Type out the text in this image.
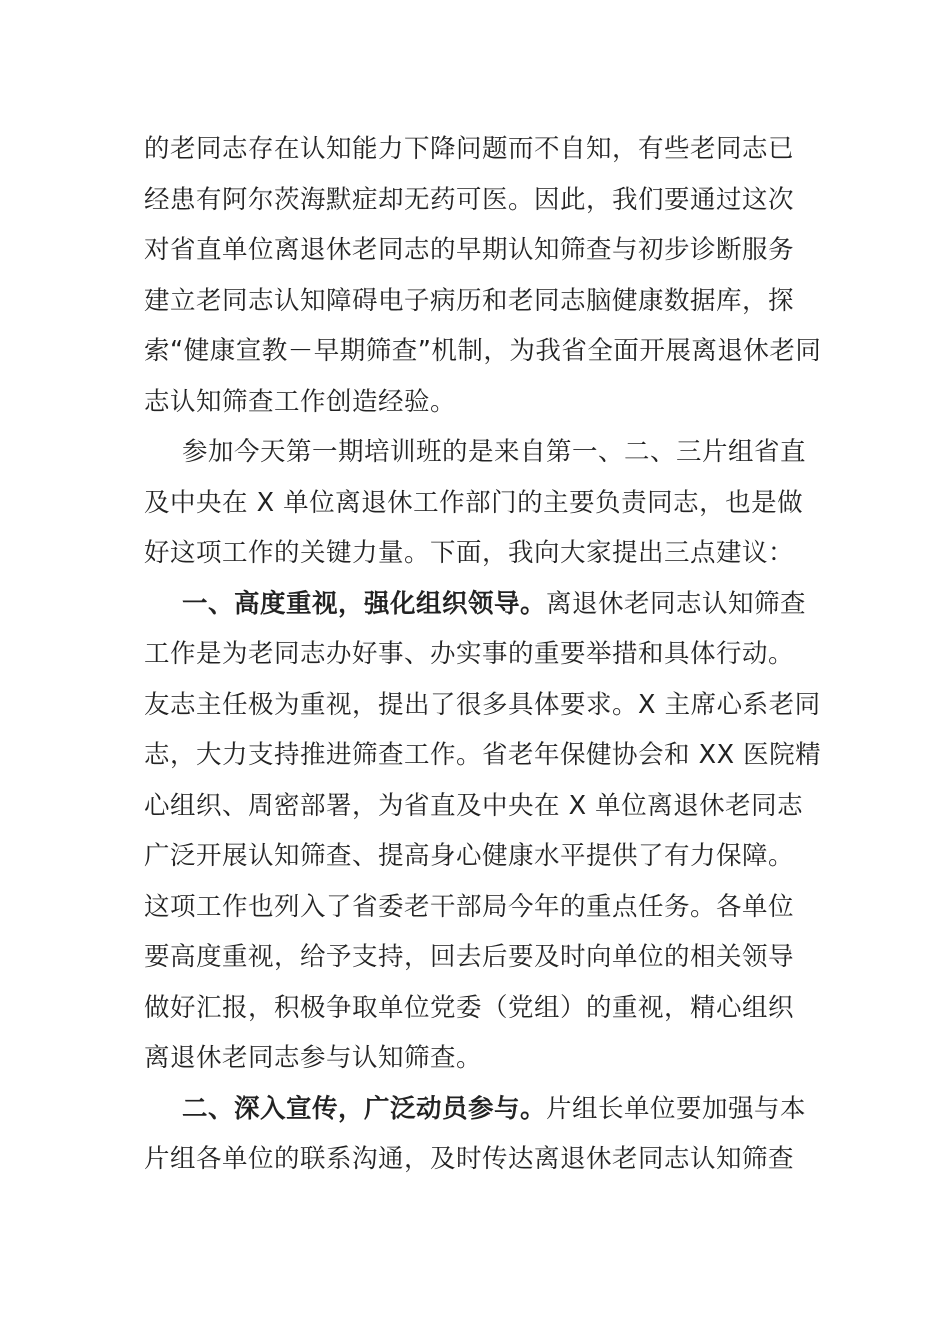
的老同志存在认知能力下降问题而不自知，有些老同志已
经患有阿尔茨海默症却无药可医。因此，我们要通过这次
对省直单位离退休老同志的早期认知筛查与初步诊断服务
建立老同志认知障碍电子病历和老同志脑健康数据库，探
索“健康宣教－早期筛查”机制，为我省全面开展离退休老同
志认知筛查工作创造经验。
参加今天第一期培训班的是来自第一、二、三片组省直
及中央在 X 单位离退休工作部门的主要负责同志，也是做
好这项工作的关键力量。下面，我向大家提出三点建议：
一、高度重视，强化组织领导。离退休老同志认知筛查
工作是为老同志办好事、办实事的重要举措和具体行动。
友志主任极为重视，提出了很多具体要求。X 主席心系老同
志，大力支持推进筛查工作。省老年保健协会和 XX 医院精
心组织、周密部署，为省直及中央在 X 单位离退休老同志
广泛开展认知筛查、提高身心健康水平提供了有力保障。
这项工作也列入了省委老干部局今年的重点任务。各单位
要高度重视，给予支持，回去后要及时向单位的相关领导
做好汇报，积极争取单位党委（党组）的重视，精心组织
离退休老同志参与认知筛查。
二、深入宣传，广泛动员参与。片组长单位要加强与本
片组各单位的联系沟通，及时传达离退休老同志认知筛查
